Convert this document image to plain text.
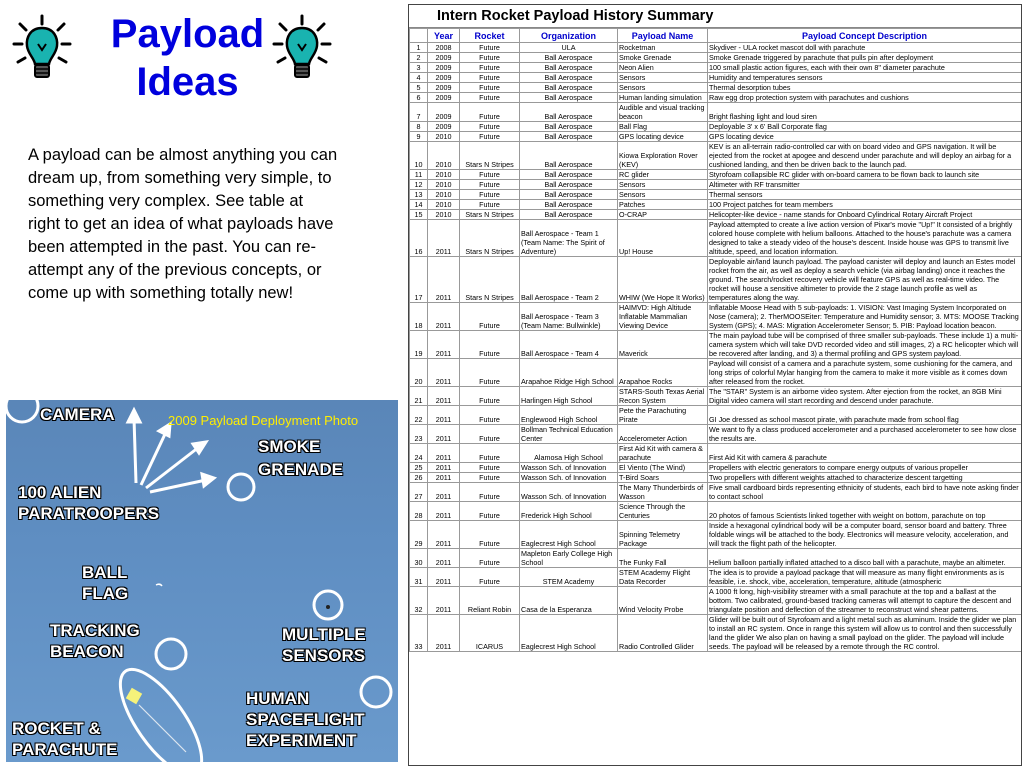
Payload
Ideas
A payload can be almost anything you can dream up, from something very simple, to something very complex. See table at right to get an idea of what payloads have been attempted in the past. You can re-attempt any of the previous concepts, or come up with something totally new!
2009 Payload Deployment Photo
CAMERA
SMOKE
GRENADE
100 ALIEN
PARATROOPERS
BALL
FLAG
TRACKING
BEACON
MULTIPLE
SENSORS
HUMAN
SPACEFLIGHT
EXPERIMENT
ROCKET &
PARACHUTE
Intern Rocket Payload History Summary
	Year	Rocket	Organization	Payload Name	Payload Concept Description
1	2008	Future	ULA	Rocketman	Skydiver - ULA rocket mascot doll with parachute
2	2009	Future	Ball Aerospace	Smoke Grenade	Smoke Grenade triggered by parachute that pulls pin after deployment
3	2009	Future	Ball Aerospace	Neon Alien	100 small plastic action figures, each with their own 8" diameter parachute
4	2009	Future	Ball Aerospace	Sensors	Humidity and temperatures sensors
5	2009	Future	Ball Aerospace	Sensors	Thermal desorption tubes
6	2009	Future	Ball Aerospace	Human landing simulation	Raw egg drop protection system with parachutes and cushions
7	2009	Future	Ball Aerospace	Audible and visual tracking beacon	Bright flashing light and loud siren
8	2009	Future	Ball Aerospace	Ball Flag	Deployable 3' x 6' Ball Corporate flag
9	2010	Future	Ball Aerospace	GPS locating device	GPS locating device
10	2010	Stars N Stripes	Ball Aerospace	Kiowa Exploration Rover (KEV)	KEV is an all-terrain radio-controlled car with on board video and GPS navigation. It will be ejected from the rocket at apogee and descend under parachute and will deploy an airbag for a cushioned landing, and then be driven back to the launch pad.
11	2010	Future	Ball Aerospace	RC glider	Styrofoam collapsible RC glider with on-board camera to be flown back to launch site
12	2010	Future	Ball Aerospace	Sensors	Altimeter with RF transmitter
13	2010	Future	Ball Aerospace	Sensors	Thermal sensors
14	2010	Future	Ball Aerospace	Patches	100 Project patches for team members
15	2010	Stars N Stripes	Ball Aerospace	O-CRAP	Helicopter-like device - name stands for Onboard Cylindrical Rotary Aircraft Project
16	2011	Stars N Stripes	Ball Aerospace - Team 1 (Team Name: The Spirit of Adventure)	Up! House	Payload attempted to create a live action version of Pixar's movie "Up!" It consisted of a brightly colored house complete with helium balloons. Attached to the house's parachute was a camera designed to take a steady video of the house's descent. Inside house was GPS to transmit live altitude, speed, and location information.
17	2011	Stars N Stripes	Ball Aerospace - Team 2	WHIW (We Hope It Works)	Deployable air/land launch payload. The payload canister will deploy and launch an Estes model rocket from the air, as well as deploy a search vehicle (via airbag landing) once it reaches the ground. The search/rocket recovery vehicle will feature GPS as well as real-time video. The rocket will house a sensitive altimeter to provide the 2 stage launch profile as well as temperatures along the way.
18	2011	Future	Ball Aerospace - Team 3 (Team Name: Bullwinkle)	HAIMVD: High Altitude Inflatable Mammalian Viewing Device	Inflatable Moose Head with 5 sub-payloads: 1. VISION: Vast Imaging System Incorporated on Nose (camera); 2. TherMOOSEiter: Temperature and Humidity sensor; 3. MTS: MOOSE Tracking System (GPS); 4. MAS: Migration Accelerometer Sensor; 5. PIB: Payload location beacon.
19	2011	Future	Ball Aerospace - Team 4	Maverick	The main payload tube will be comprised of three smaller sub-payloads. These include 1) a multi-camera system which will take DVD recorded video and still images, 2) a RC helicopter which will be recovered after landing, and 3) a thermal profiling and GPS system payload.
20	2011	Future	Arapahoe Ridge High School	Arapahoe Rocks	Payload will consist of a camera and a parachute system, some cushioning for the camera, and long strips of colorful Mylar hanging from the camera to make it more visible as it comes down after released from the rocket.
21	2011	Future	Harlingen High School	STARS-South Texas Aerial Recon System	The "STAR" System is an airborne video system. After ejection from the rocket, an 8GB Mini Digital video camera will start recording and descend under parachute.
22	2011	Future	Englewood High School	Pete the Parachuting Pirate	GI Joe dressed as school mascot pirate, with parachute made from school flag
23	2011	Future	Bollman Technical Education Center	Accelerometer Action	We want to fly a class produced accelerometer and a purchased accelerometer to see how close the results are.
24	2011	Future	Alamosa High School	First Aid Kit with camera & parachute	First Aid Kit with camera & parachute
25	2011	Future	Wasson Sch. of Innovation	El Viento (The Wind)	Propellers with electric generators to compare energy outputs of various propeller
26	2011	Future	Wasson Sch. of Innovation	T-Bird Soars	Two propellers with different weights attached to characterize descent targetting
27	2011	Future	Wasson Sch. of Innovation	The Many Thunderbirds of Wasson	Five small cardboard birds representing ethnicity of students, each bird to have note asking finder to contact school
28	2011	Future	Frederick High School	Science Through the Centuries	20 photos of famous Scientists linked together with weight on bottom, parachute on top
29	2011	Future	Eaglecrest High School	Spinning Telemetry Package	Inside a hexagonal cylindrical body will be a computer board, sensor board and battery. Three foldable wings will be attached to the body. Electronics will measure velocity, acceleration, and will track the flight path of the helicopter.
30	2011	Future	Mapleton Early College High School	The Funky Fall	Helium balloon partially inflated attached to a disco ball with a parachute, maybe an altimeter.
31	2011	Future	STEM Academy	STEM Academy Flight Data Recorder	The idea is to provide a payload package that will measure as many flight environments as is feasible, i.e. shock, vibe, acceleration, temperature, altitude (atmospheric
32	2011	Reliant Robin	Casa de la Esperanza	Wind Velocity Probe	A 1000 ft long, high-visibility streamer with a small parachute at the top and a ballast at the bottom. Two calibrated, ground-based tracking cameras will attempt to capture the descent and triangulate position and deflection of the streamer to reconstruct wind shear patterns.
33	2011	ICARUS	Eaglecrest High School	Radio Controlled Glider	Glider will be built out of Styrofoam and a light metal such as aluminum. Inside the glider we plan to install an RC system. Once in range this system will allow us to control and then successfully land the glider We also plan on having a small payload on the glider. The payload will include seeds. The payload will be released by a remote through the RC control.
